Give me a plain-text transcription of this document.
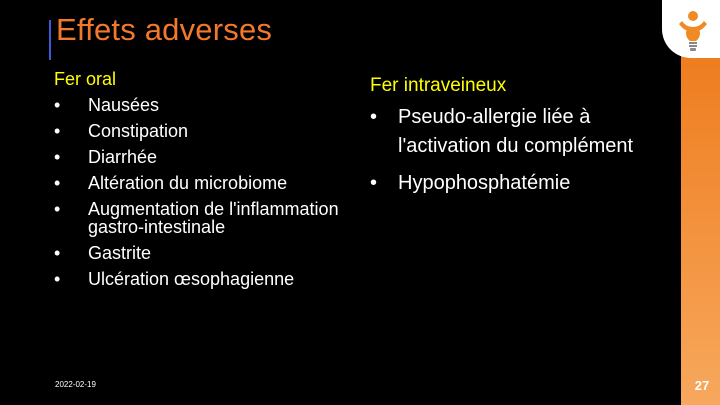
Effets adverses
Fer oral
• Nausées
• Constipation
• Diarrhée
• Altération du microbiome
• Augmentation de l'inflammation gastro-intestinale
• Gastrite
• Ulcération œsophagienne
Fer intraveineux
• Pseudo-allergie liée à l'activation du complément
• Hypophosphatémie
2022-02-19	27
